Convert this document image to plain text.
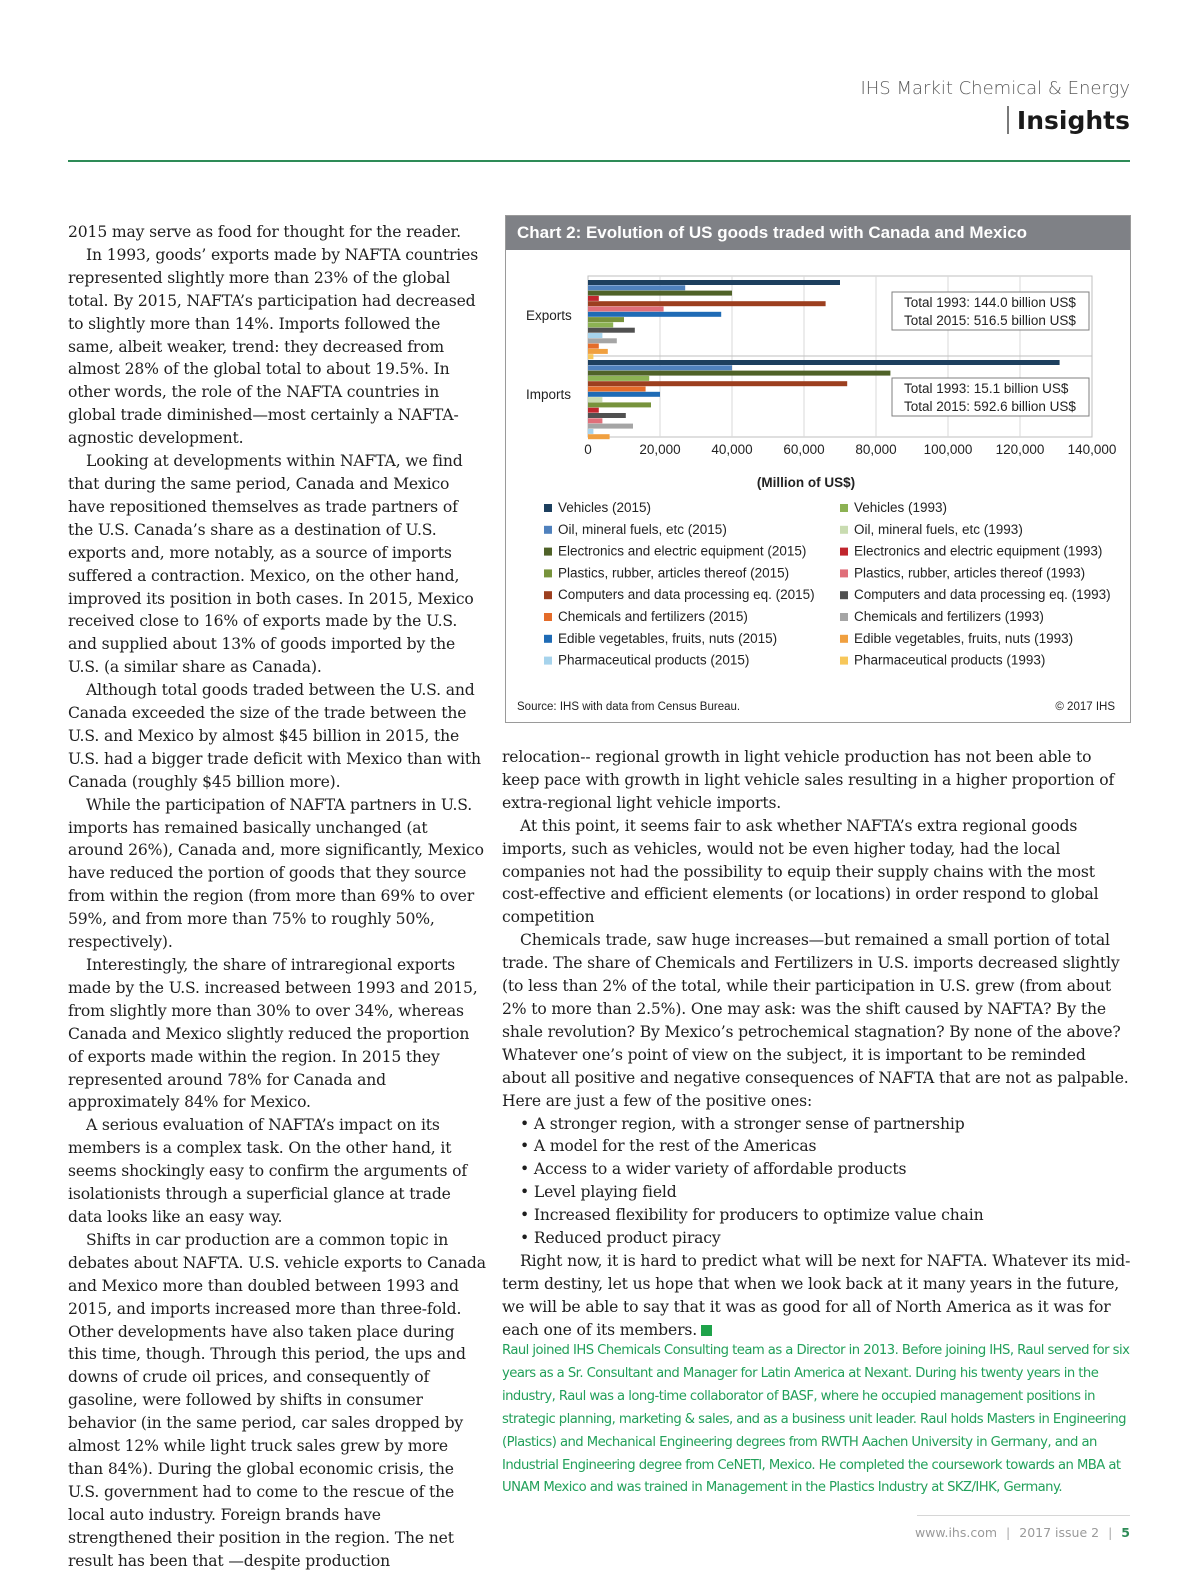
IHS Markit Chemical & Energy
Insights

2015 may serve as food for thought for the reader.

In 1993, goods’ exports made by NAFTA countries represented slightly more than 23% of the global total. By 2015, NAFTA’s participation had decreased to slightly more than 14%. Imports followed the same, albeit weaker, trend: they decreased from almost 28% of the global total to about 19.5%. In other words, the role of the NAFTA countries in global trade diminished—most certainly a NAFTA-agnostic development.

Looking at developments within NAFTA, we find that during the same period, Canada and Mexico have repositioned themselves as trade partners of the U.S. Canada’s share as a destination of U.S. exports and, more notably, as a source of imports suffered a contraction. Mexico, on the other hand, improved its position in both cases. In 2015, Mexico received close to 16% of exports made by the U.S. and supplied about 13% of goods imported by the U.S. (a similar share as Canada).

Although total goods traded between the U.S. and Canada exceeded the size of the trade between the U.S. and Mexico by almost $45 billion in 2015, the U.S. had a bigger trade deficit with Mexico than with Canada (roughly $45 billion more).

While the participation of NAFTA partners in U.S. imports has remained basically unchanged (at around 26%), Canada and, more significantly, Mexico have reduced the portion of goods that they source from within the region (from more than 69% to over 59%, and from more than 75% to roughly 50%, respectively).

Interestingly, the share of intraregional exports made by the U.S. increased between 1993 and 2015, from slightly more than 30% to over 34%, whereas Canada and Mexico slightly reduced the proportion of exports made within the region. In 2015 they represented around 78% for Canada and approximately 84% for Mexico.

A serious evaluation of NAFTA’s impact on its members is a complex task. On the other hand, it seems shockingly easy to confirm the arguments of isolationists through a superficial glance at trade data looks like an easy way.

Shifts in car production are a common topic in debates about NAFTA. U.S. vehicle exports to Canada and Mexico more than doubled between 1993 and 2015, and imports increased more than three-fold. Other developments have also taken place during this time, though. Through this period, the ups and downs of crude oil prices, and consequently of gasoline, were followed by shifts in consumer behavior (in the same period, car sales dropped by almost 12% while light truck sales grew by more than 84%). During the global economic crisis, the U.S. government had to come to the rescue of the local auto industry. Foreign brands have strengthened their position in the region. The net result has been that —despite production

Chart 2: Evolution of US goods traded with Canada and Mexico
Exports
Total 1993: 144.0 billion US$
Total 2015: 516.5 billion US$
Imports	Total 1993: 15.1 billion US$
Total 2015: 592.6 billion US$
0	20,000 40,000 60,000 80,000 100,000 120,000 140,000
(Million of US$)
Vehicles (2015)	Vehicles (1993)
Oil, mineral fuels, etc (2015)	Oil, mineral fuels, etc (1993)
Electronics and electric equipment (2015)	Electronics and electric equipment (1993)
Plastics, rubber, articles thereof (2015)	Plastics, rubber, articles thereof (1993)
Computers and data processing eq. (2015)	Computers and data processing eq. (1993)
Chemicals and fertilizers (2015)	Chemicals and fertilizers (1993)
Edible vegetables, fruits, nuts (2015)	Edible vegetables, fruits, nuts (1993)
Pharmaceutical products (2015)	Pharmaceutical products (1993)
Source: IHS with data from Census Bureau.	© 2017 IHS

relocation-- regional growth in light vehicle production has not been able to keep pace with growth in light vehicle sales resulting in a higher proportion of extra-regional light vehicle imports.

At this point, it seems fair to ask whether NAFTA’s extra regional goods imports, such as vehicles, would not be even higher today, had the local companies not had the possibility to equip their supply chains with the most cost-effective and efficient elements (or locations) in order respond to global competition

Chemicals trade, saw huge increases—but remained a small portion of total trade. The share of Chemicals and Fertilizers in U.S. imports decreased slightly (to less than 2% of the total, while their participation in U.S. grew (from about 2% to more than 2.5%). One may ask: was the shift caused by NAFTA? By the shale revolution? By Mexico’s petrochemical stagnation? By none of the above? Whatever one’s point of view on the subject, it is important to be reminded about all positive and negative consequences of NAFTA that are not as palpable. Here are just a few of the positive ones:

• A stronger region, with a stronger sense of partnership
• A model for the rest of the Americas
• Access to a wider variety of affordable products
• Level playing field
• Increased flexibility for producers to optimize value chain
• Reduced product piracy

Right now, it is hard to predict what will be next for NAFTA. Whatever its mid-term destiny, let us hope that when we look back at it many years in the future, we will be able to say that it was as good for all of North America as it was for each one of its members.

Raul joined IHS Chemicals Consulting team as a Director in 2013. Before joining IHS, Raul served for six years as a Sr. Consultant and Manager for Latin America at Nexant. During his twenty years in the industry, Raul was a long-time collaborator of BASF, where he occupied management positions in strategic planning, marketing & sales, and as a business unit leader. Raul holds Masters in Engineering (Plastics) and Mechanical Engineering degrees from RWTH Aachen University in Germany, and an Industrial Engineering degree from CeNETI, Mexico. He completed the coursework towards an MBA at UNAM Mexico and was trained in Management in the Plastics Industry at SKZ/IHK, Germany.

www.ihs.com | 2017 issue 2 | 5
